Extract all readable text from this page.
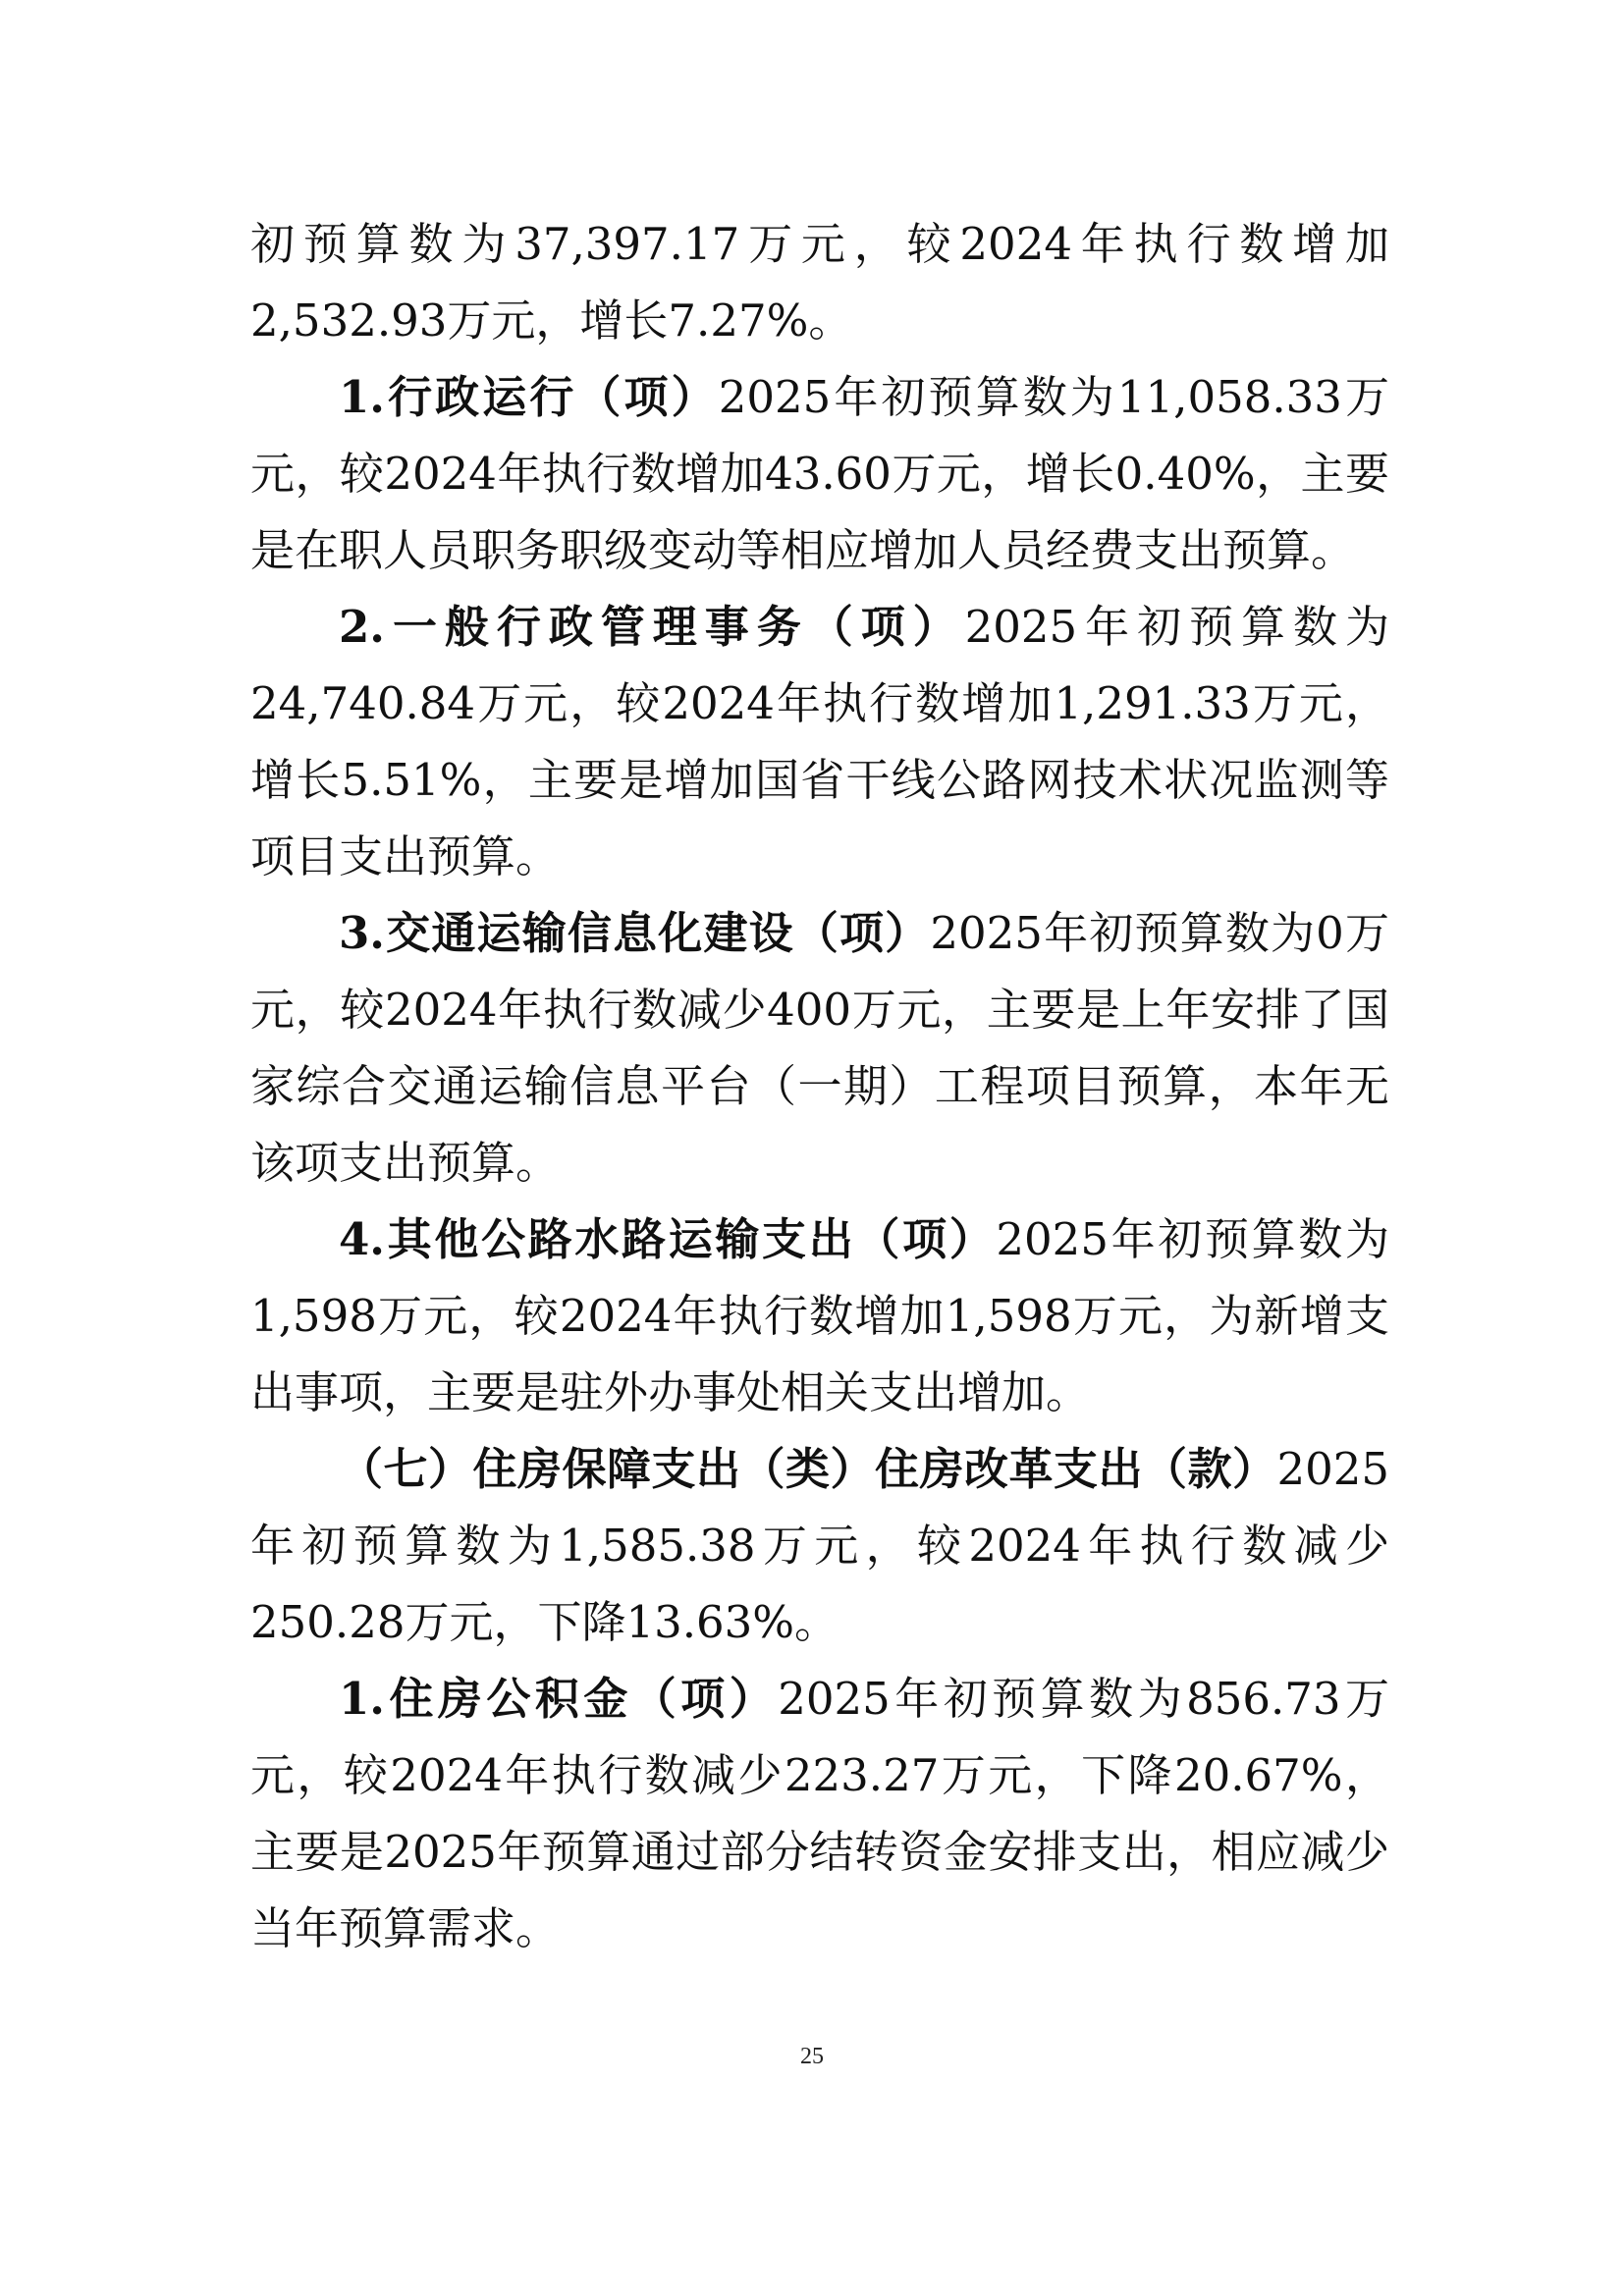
初预算数为37,397.17万元，较2024年执行数增加2,532.93万元，增长7.27%。

1.行政运行（项）2025年初预算数为11,058.33万元，较2024年执行数增加43.60万元，增长0.40%，主要是在职人员职务职级变动等相应增加人员经费支出预算。

2.一般行政管理事务（项）2025年初预算数为24,740.84万元，较2024年执行数增加1,291.33万元，增长5.51%，主要是增加国省干线公路网技术状况监测等项目支出预算。

3.交通运输信息化建设（项）2025年初预算数为0万元，较2024年执行数减少400万元，主要是上年安排了国家综合交通运输信息平台（一期）工程项目预算，本年无该项支出预算。

4.其他公路水路运输支出（项）2025年初预算数为1,598万元，较2024年执行数增加1,598万元，为新增支出事项，主要是驻外办事处相关支出增加。

（七）住房保障支出（类）住房改革支出（款）2025年初预算数为1,585.38万元，较2024年执行数减少250.28万元，下降13.63%。

1.住房公积金（项）2025年初预算数为856.73万元，较2024年执行数减少223.27万元，下降20.67%，主要是2025年预算通过部分结转资金安排支出，相应减少当年预算需求。

25
